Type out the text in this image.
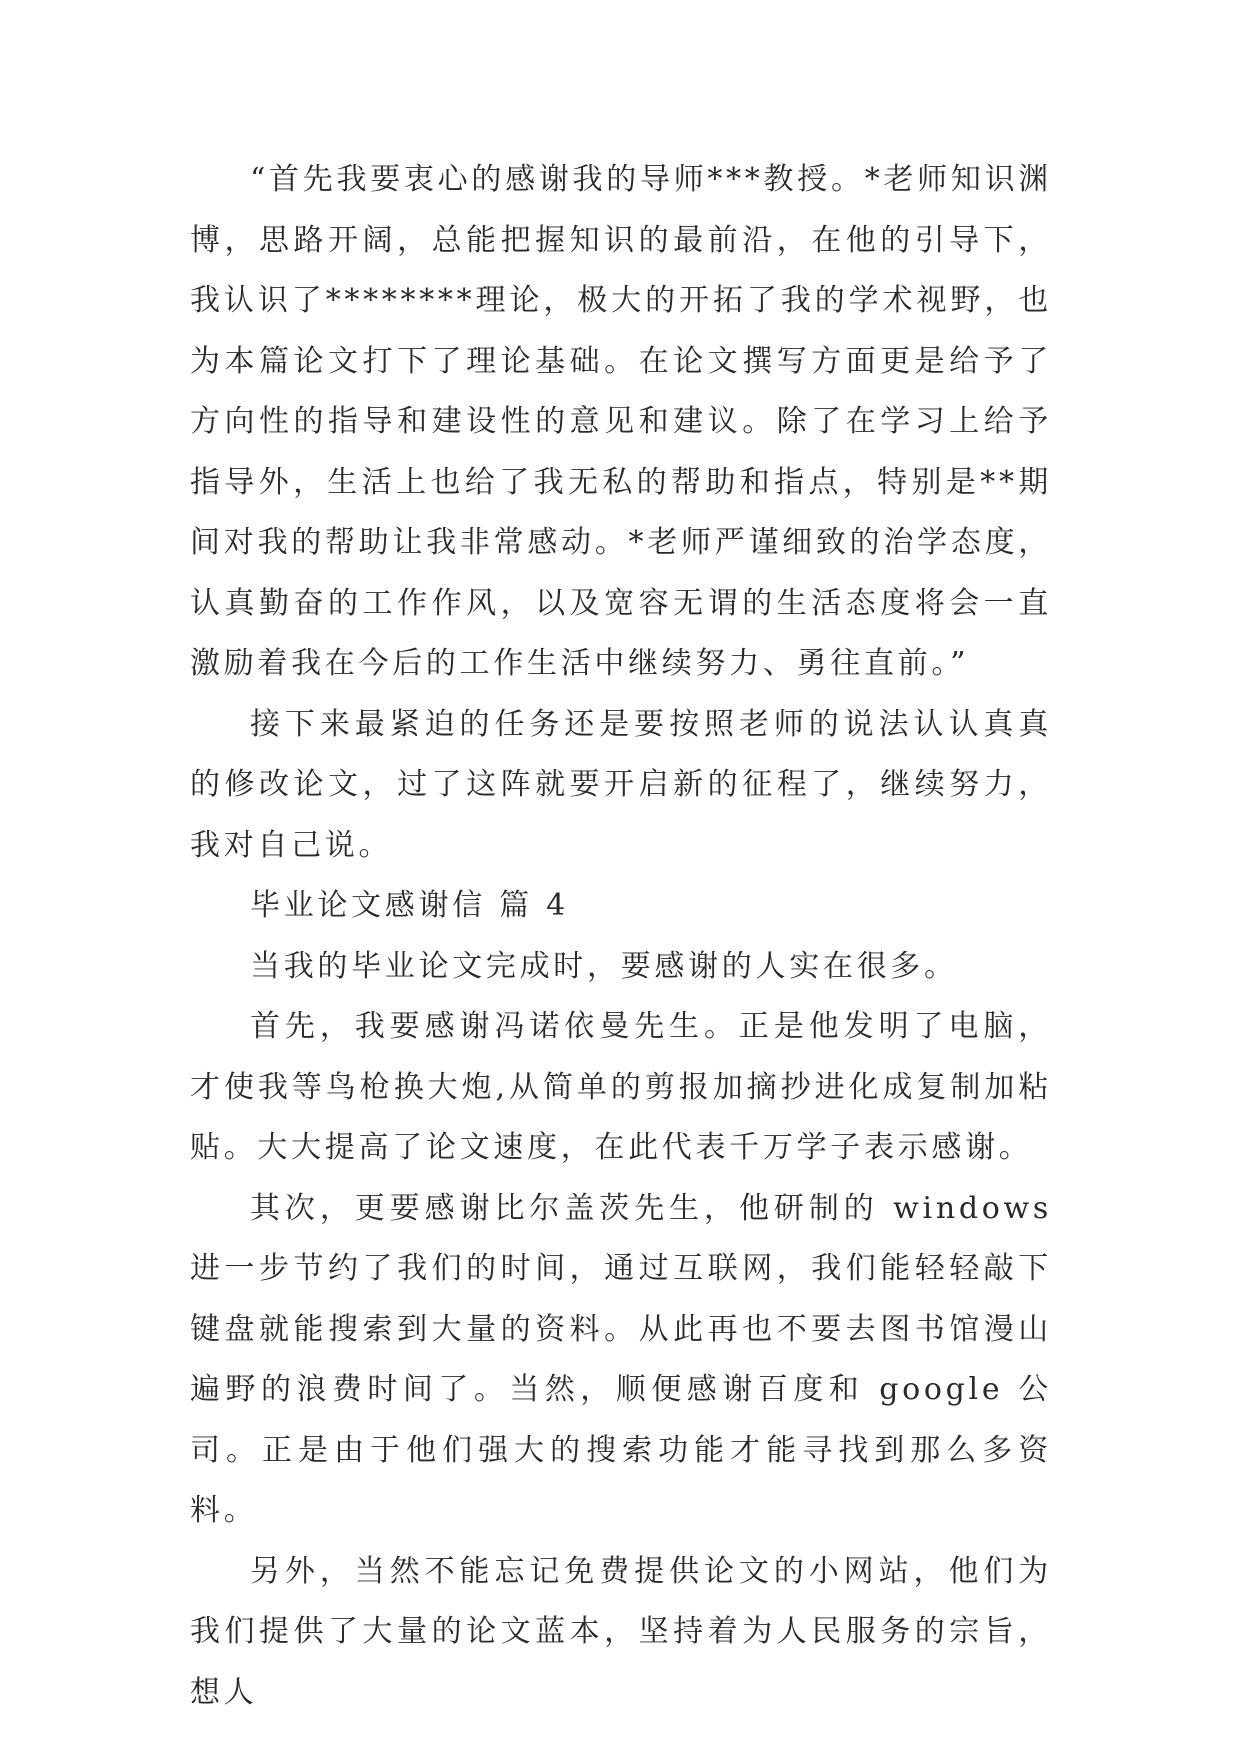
“首先我要衷心的感谢我的导师***教授。*老师知识渊博，思路开阔，总能把握知识的最前沿，在他的引导下，我认识了********理论，极大的开拓了我的学术视野，也为本篇论文打下了理论基础。在论文撰写方面更是给予了方向性的指导和建设性的意见和建议。除了在学习上给予指导外，生活上也给了我无私的帮助和指点，特别是**期间对我的帮助让我非常感动。*老师严谨细致的治学态度，认真勤奋的工作作风，以及宽容无谓的生活态度将会一直激励着我在今后的工作生活中继续努力、勇往直前。”

接下来最紧迫的任务还是要按照老师的说法认认真真的修改论文，过了这阵就要开启新的征程了，继续努力，我对自己说。

毕业论文感谢信 篇 4

当我的毕业论文完成时，要感谢的人实在很多。

首先，我要感谢冯诺依曼先生。正是他发明了电脑，才使我等鸟枪换大炮,从简单的剪报加摘抄进化成复制加粘贴。大大提高了论文速度，在此代表千万学子表示感谢。

其次，更要感谢比尔盖茨先生，他研制的 windows 进一步节约了我们的时间，通过互联网，我们能轻轻敲下键盘就能搜索到大量的资料。从此再也不要去图书馆漫山遍野的浪费时间了。当然，顺便感谢百度和 google 公司。正是由于他们强大的搜索功能才能寻找到那么多资料。

另外，当然不能忘记免费提供论文的小网站，他们为我们提供了大量的论文蓝本，坚持着为人民服务的宗旨，想人
